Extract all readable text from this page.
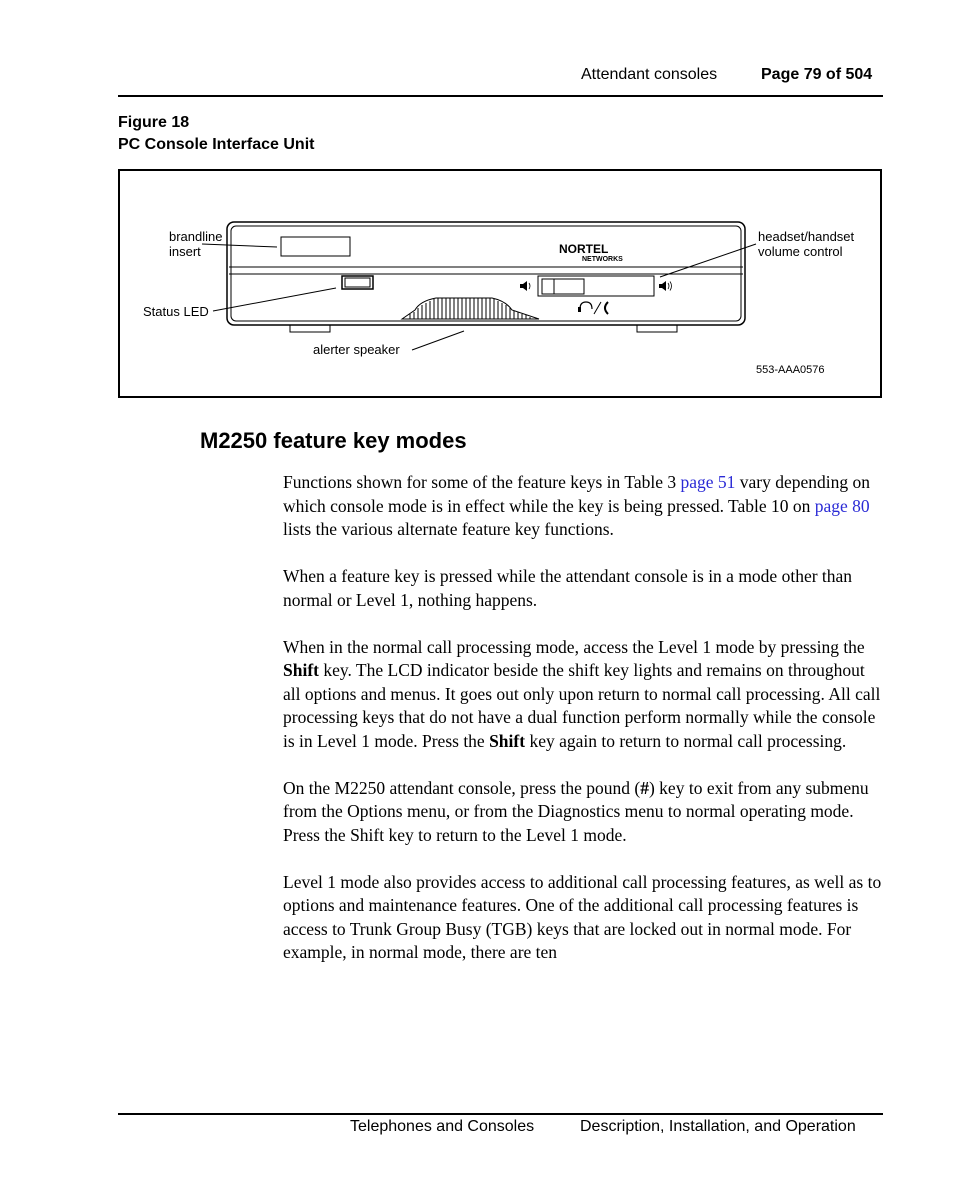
Attendant consoles	Page 79 of 504
Figure 18
PC Console Interface Unit
NORTEL
NETWORKS
brandline
insert
headset/handset
volume control
Status LED
alerter speaker
553-AAA0576
M2250 feature key modes

Functions shown for some of the feature keys in Table 3 page 51 vary depending on which console mode is in effect while the key is being pressed. Table 10 on page 80 lists the various alternate feature key functions.

When a feature key is pressed while the attendant console is in a mode other than normal or Level 1, nothing happens.

When in the normal call processing mode, access the Level 1 mode by pressing the Shift key. The LCD indicator beside the shift key lights and remains on throughout all options and menus. It goes out only upon return to normal call processing. All call processing keys that do not have a dual function perform normally while the console is in Level 1 mode. Press the Shift key again to return to normal call processing.

On the M2250 attendant console, press the pound (#) key to exit from any submenu from the Options menu, or from the Diagnostics menu to normal operating mode. Press the Shift key to return to the Level 1 mode.

Level 1 mode also provides access to additional call processing features, as well as to options and maintenance features. One of the additional call processing features is access to Trunk Group Busy (TGB) keys that are locked out in normal mode. For example, in normal mode, there are ten

Telephones and Consoles	Description, Installation, and Operation
